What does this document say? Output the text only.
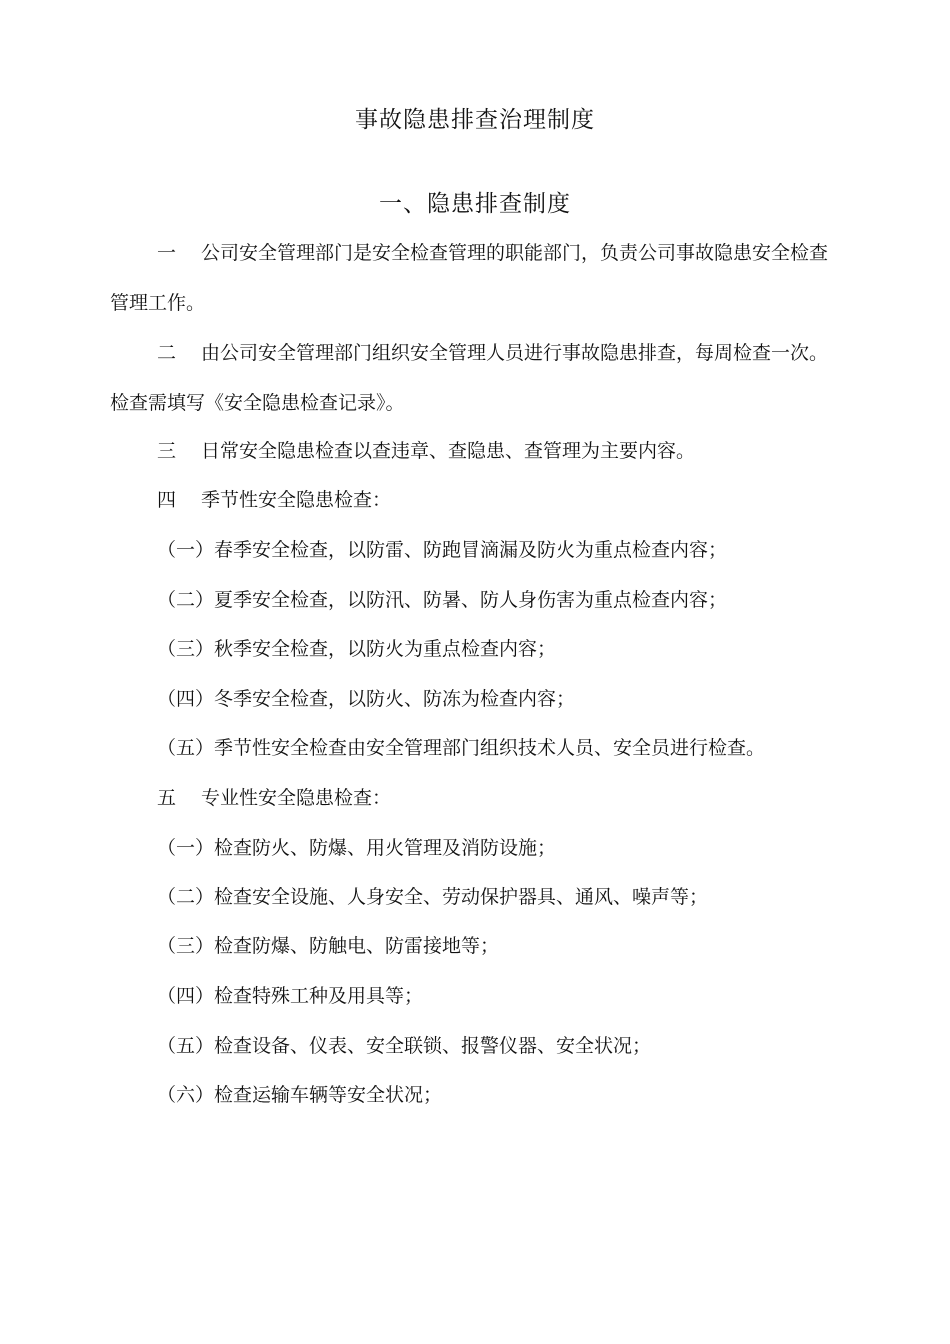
事故隐患排查治理制度
一、隐患排查制度
一 公司安全管理部门是安全检查管理的职能部门，负责公司事故隐患安全检查管理工作。
二 由公司安全管理部门组织安全管理人员进行事故隐患排查，每周检查一次。检查需填写《安全隐患检查记录》。
三 日常安全隐患检查以查违章、查隐患、查管理为主要内容。
四 季节性安全隐患检查：
（一）春季安全检查，以防雷、防跑冒滴漏及防火为重点检查内容；
（二）夏季安全检查，以防汛、防暑、防人身伤害为重点检查内容；
（三）秋季安全检查，以防火为重点检查内容；
（四）冬季安全检查，以防火、防冻为检查内容；
（五）季节性安全检查由安全管理部门组织技术人员、安全员进行检查。
五 专业性安全隐患检查：
（一）检查防火、防爆、用火管理及消防设施；
（二）检查安全设施、人身安全、劳动保护器具、通风、噪声等；
（三）检查防爆、防触电、防雷接地等；
（四）检查特殊工种及用具等；
（五）检查设备、仪表、安全联锁、报警仪器、安全状况；
（六）检查运输车辆等安全状况；
